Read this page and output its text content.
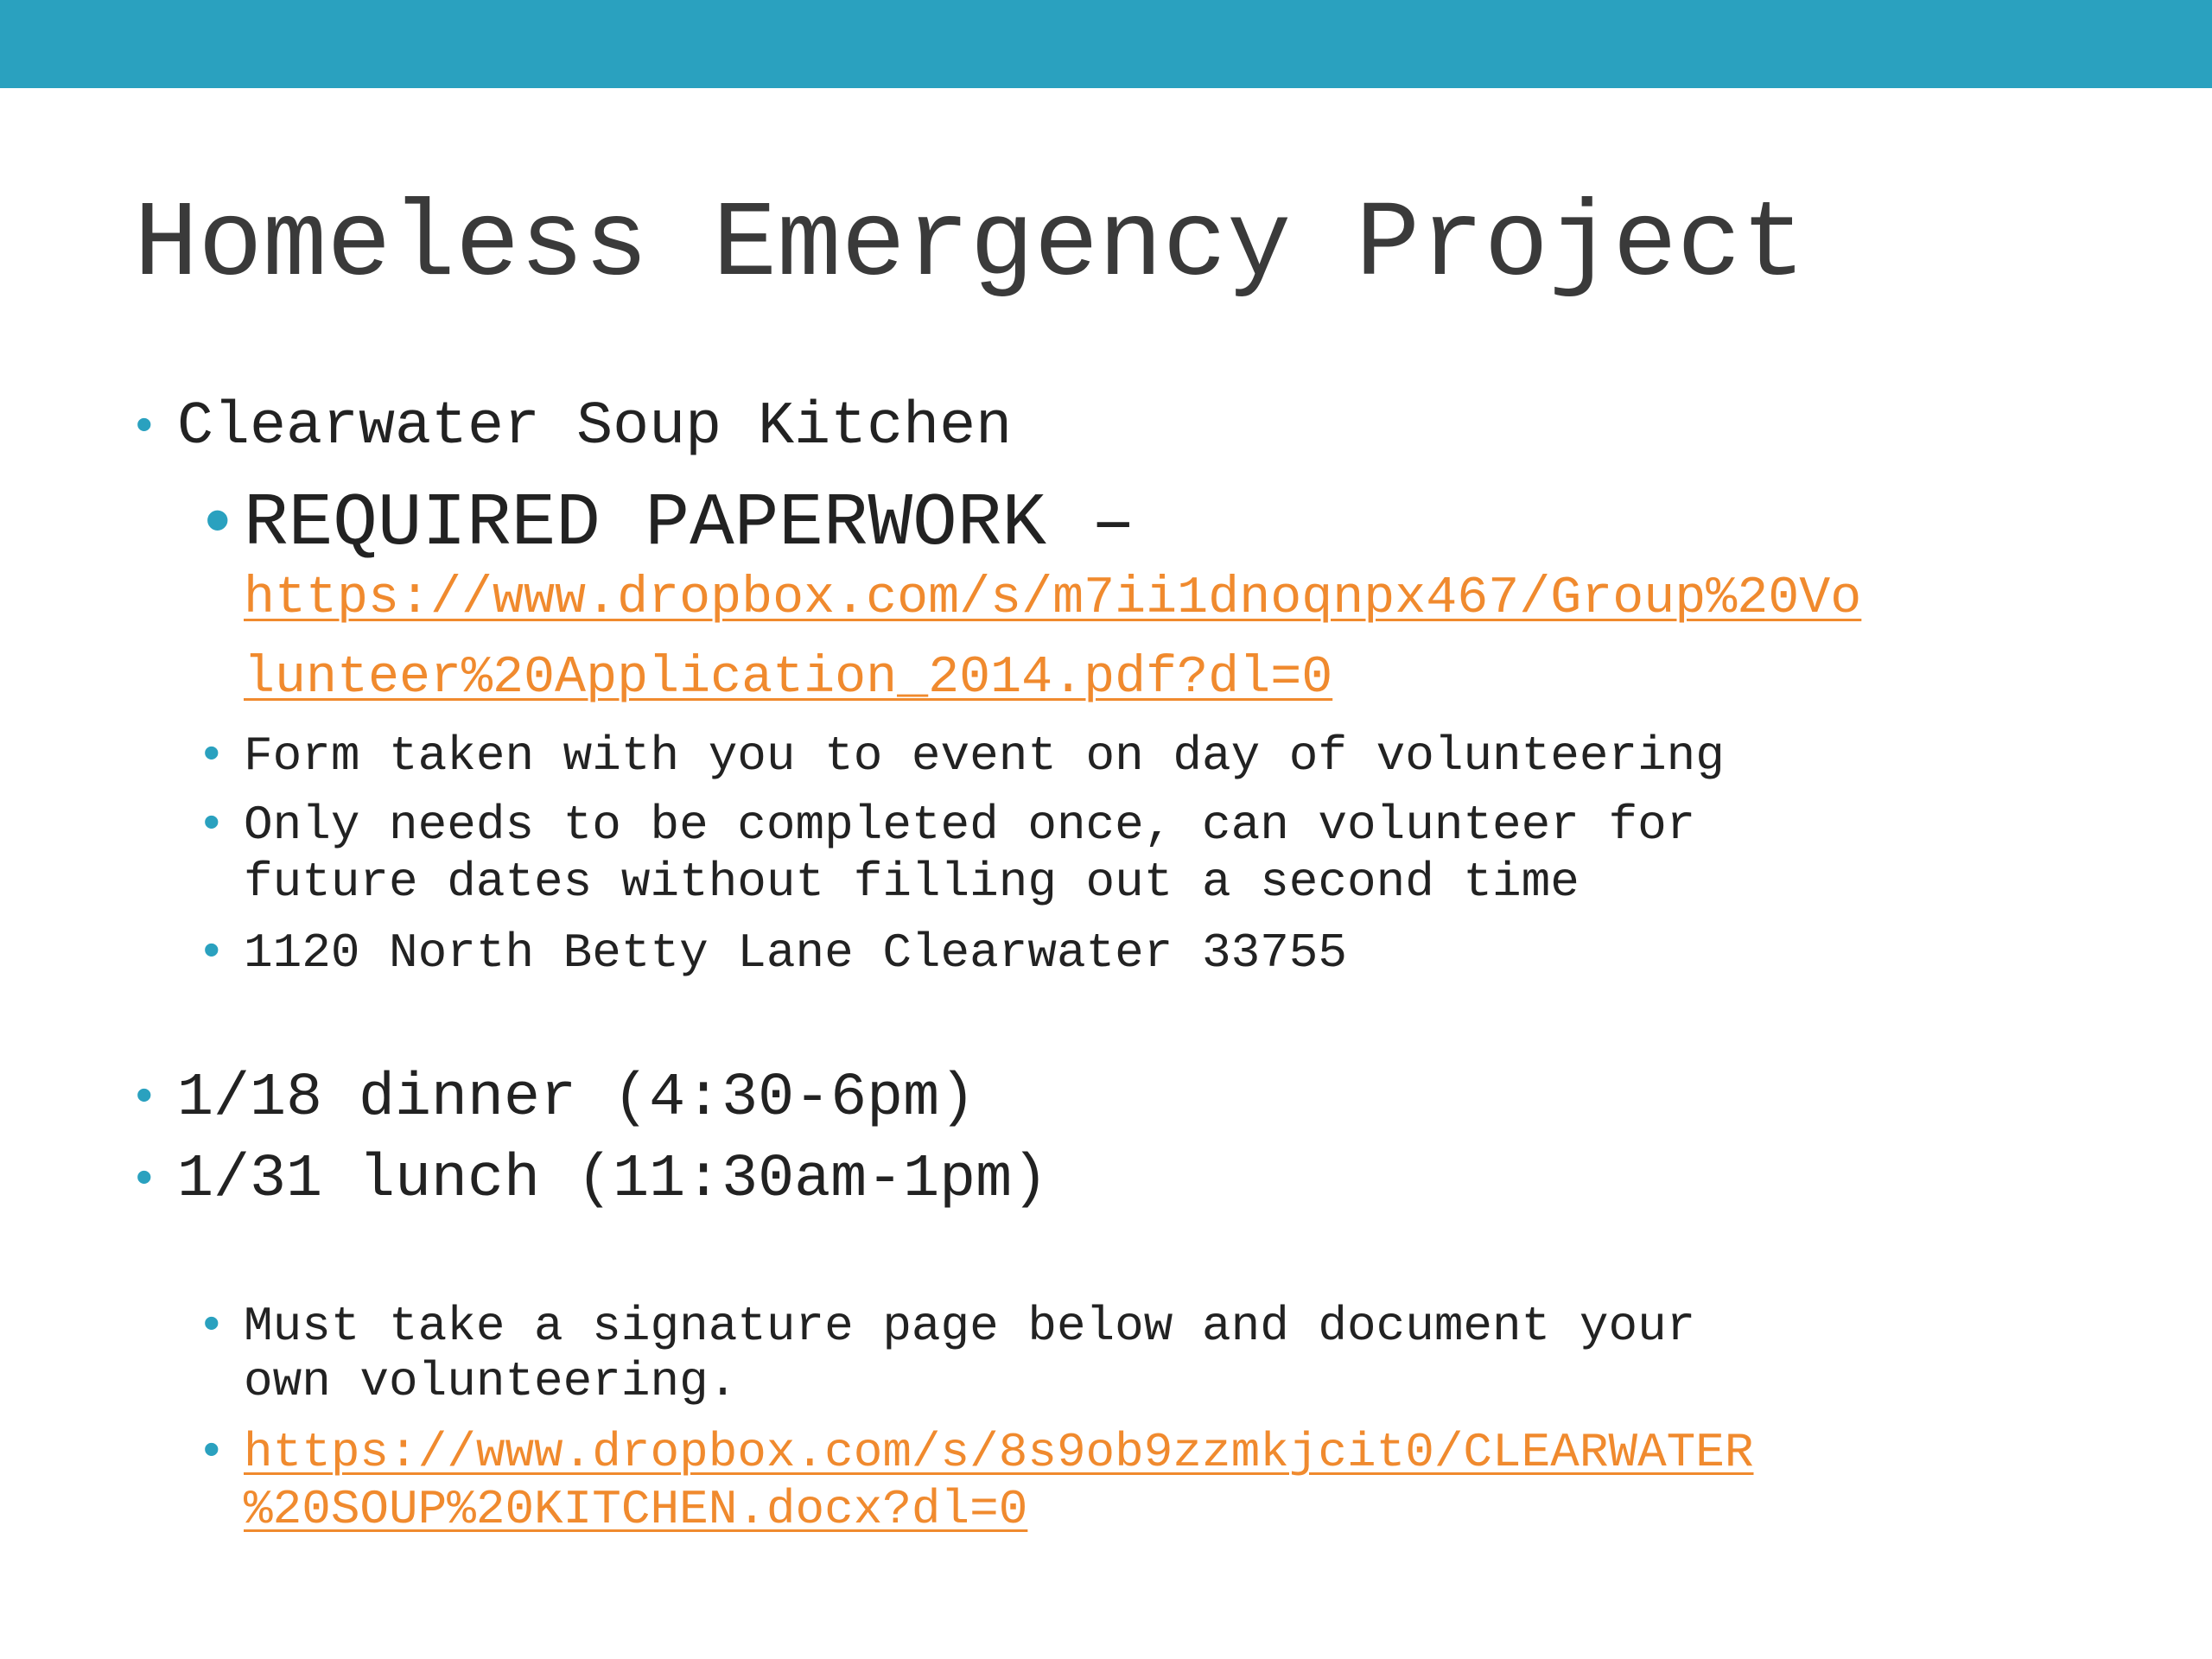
Homeless Emergency Project
• Clearwater Soup Kitchen
• REQUIRED PAPERWORK –
https://www.dropbox.com/s/m7ii1dnoqnpx467/Group%20Vo
lunteer%20Application_2014.pdf?dl=0
• Form taken with you to event on day of volunteering
• Only needs to be completed once, can volunteer for
future dates without filling out a second time
• 1120 North Betty Lane Clearwater 33755
• 1/18 dinner (4:30-6pm)
• 1/31 lunch (11:30am-1pm)
• Must take a signature page below and document your
own volunteering.
• https://www.dropbox.com/s/8s9ob9zzmkjcit0/CLEARWATER
%20SOUP%20KITCHEN.docx?dl=0
